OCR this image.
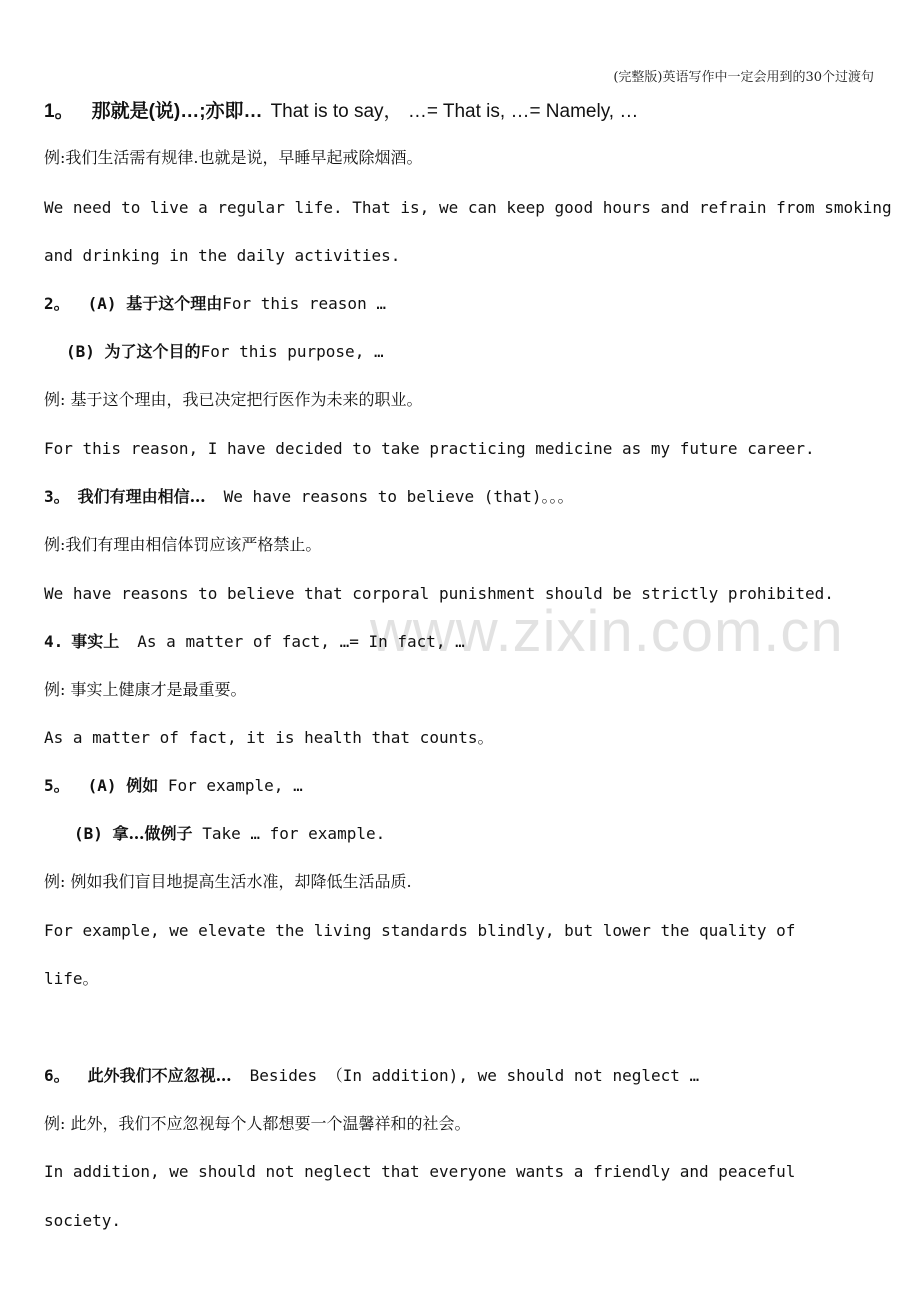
(完整版)英语写作中一定会用到的30个过渡句
www.zixin.com.cn
1。 那就是(说)…;亦即… That is to say， …= That is, …= Namely, …
例:我们生活需有规律.也就是说，早睡早起戒除烟酒。
We need to live a regular life. That is, we can keep good hours and refrain from smoking
and drinking in the daily activities.
2。 (A) 基于这个理由For this reason …
(B) 为了这个目的For this purpose, …
例: 基于这个理由，我已决定把行医作为未来的职业。
For this reason, I have decided to take practicing medicine as my future career.
3。 我们有理由相信… We have reasons to believe (that)。。。
例:我们有理由相信体罚应该严格禁止。
We have reasons to believe that corporal punishment should be strictly prohibited.
4. 事实上 As a matter of fact, …= In fact, …
例: 事实上健康才是最重要。
As a matter of fact, it is health that counts。
5。 (A) 例如 For example, …
(B) 拿…做例子 Take … for example.
例: 例如我们盲目地提高生活水准，却降低生活品质.
For example, we elevate the living standards blindly, but lower the quality of
life。
6。 此外我们不应忽视… Besides （In addition), we should not neglect …
例: 此外，我们不应忽视每个人都想要一个温馨祥和的社会。
In addition, we should not neglect that everyone wants a friendly and peaceful
society.
